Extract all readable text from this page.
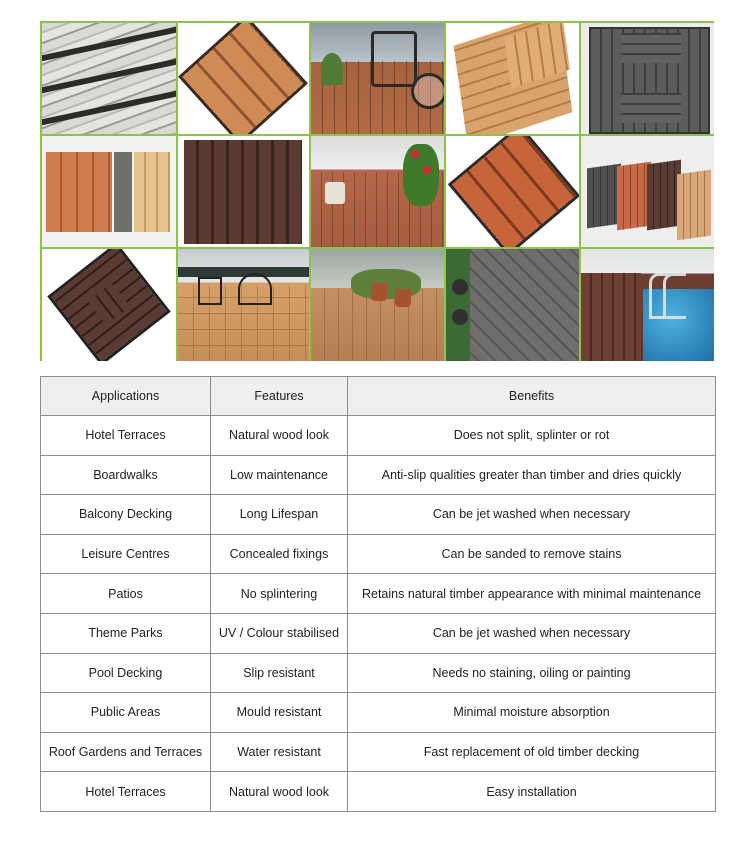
Applications	Features	Benefits
Hotel Terraces	Natural wood look	Does not split, splinter or rot
Boardwalks	Low maintenance	Anti-slip qualities greater than timber and dries quickly
Balcony Decking	Long Lifespan	Can be jet washed when necessary
Leisure Centres	Concealed fixings	Can be sanded to remove stains
Patios	No splintering	Retains natural timber appearance with minimal maintenance
Theme Parks	UV / Colour stabilised	Can be jet washed when necessary
Pool Decking	Slip resistant	Needs no staining, oiling or painting
Public Areas	Mould resistant	Minimal moisture absorption
Roof Gardens and Terraces	Water resistant	Fast replacement of old timber decking
Hotel Terraces	Natural wood look	Easy installation
